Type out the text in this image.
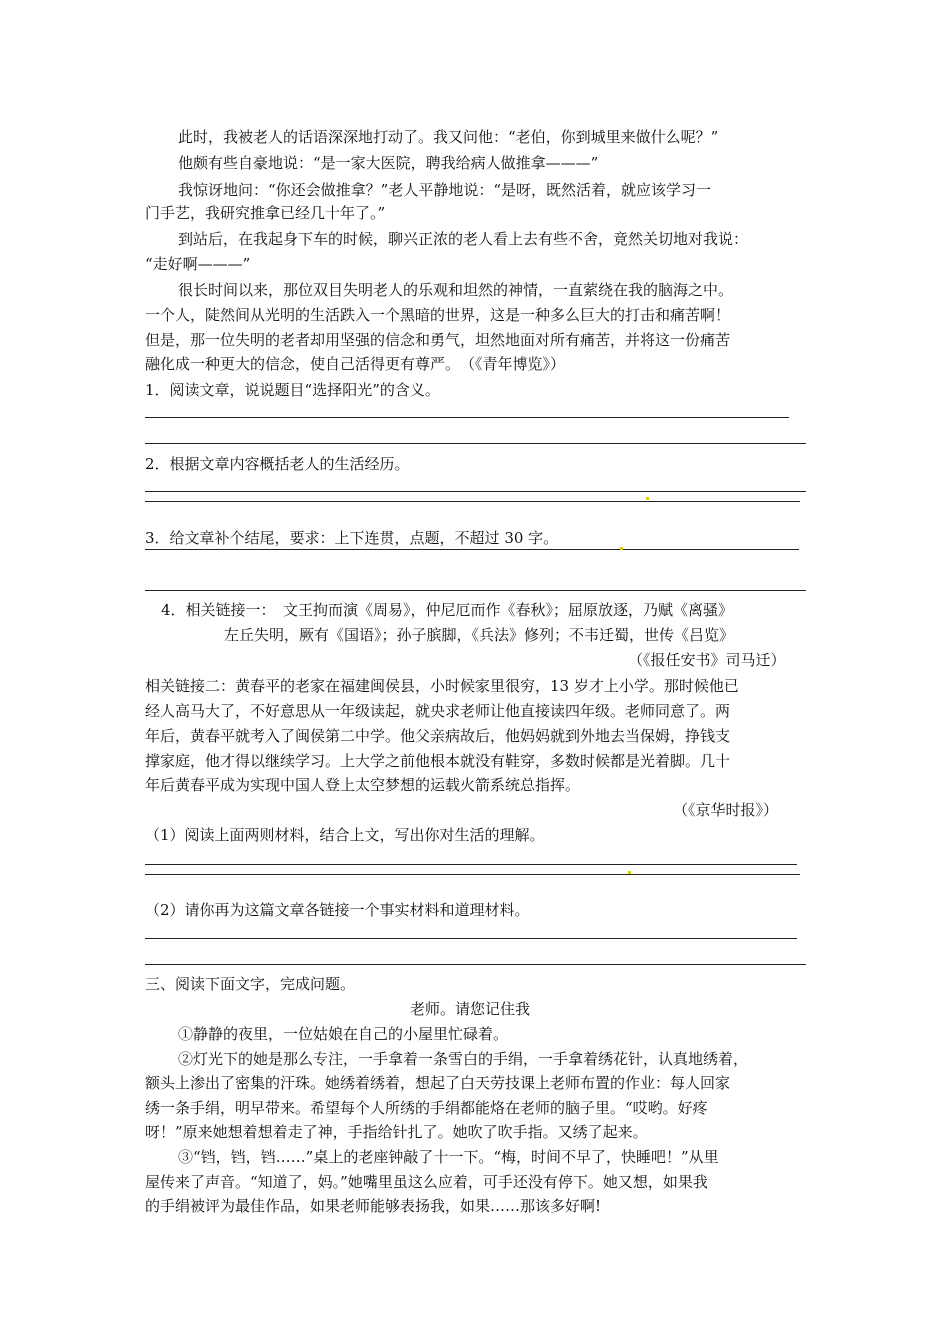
此时，我被老人的话语深深地打动了。我又问他：“老伯，你到城里来做什么呢？”
他颇有些自豪地说：“是一家大医院，聘我给病人做推拿———”
我惊讶地问：“你还会做推拿？”老人平静地说：“是呀，既然活着，就应该学习一
门手艺，我研究推拿已经几十年了。”
到站后，在我起身下车的时候，聊兴正浓的老人看上去有些不舍，竟然关切地对我说：
“走好啊———”
很长时间以来，那位双目失明老人的乐观和坦然的神情，一直萦绕在我的脑海之中。
一个人，陡然间从光明的生活跌入一个黑暗的世界，这是一种多么巨大的打击和痛苦啊！
但是，那一位失明的老者却用坚强的信念和勇气，坦然地面对所有痛苦，并将这一份痛苦
融化成一种更大的信念，使自己活得更有尊严。　（《青年博览》）
1．阅读文章，说说题目“选择阳光”的含义。
2．根据文章内容概括老人的生活经历。
3．给文章补个结尾，要求：上下连贯，点题，不超过 30 字。
4．相关链接一：　文王拘而演《周易》，仲尼厄而作《春秋》；屈原放逐，乃赋《离骚》
左丘失明，厥有《国语》；孙子膑脚，《兵法》修列；不韦迁蜀，世传《吕览》
（《报任安书》司马迁）
相关链接二：黄春平的老家在福建闽侯县，小时候家里很穷，13 岁才上小学。那时候他已
经人高马大了，不好意思从一年级读起，就央求老师让他直接读四年级。老师同意了。两
年后，黄春平就考入了闽侯第二中学。他父亲病故后，他妈妈就到外地去当保姆，挣钱支
撑家庭，他才得以继续学习。上大学之前他根本就没有鞋穿，多数时候都是光着脚。几十
年后黄春平成为实现中国人登上太空梦想的运载火箭系统总指挥。
（《京华时报》）
（1）阅读上面两则材料，结合上文，写出你对生活的理解。
（2）请你再为这篇文章各链接一个事实材料和道理材料。
三、阅读下面文字，完成问题。
老师。请您记住我
①静静的夜里，一位姑娘在自己的小屋里忙碌着。
②灯光下的她是那么专注，一手拿着一条雪白的手绢，一手拿着绣花针，认真地绣着，
额头上渗出了密集的汗珠。她绣着绣着，想起了白天劳技课上老师布置的作业：每人回家
绣一条手绢，明早带来。希望每个人所绣的手绢都能烙在老师的脑子里。“哎哟。好疼
呀！”原来她想着想着走了神，手指给针扎了。她吹了吹手指。又绣了起来。
③“铛，铛，铛……”桌上的老座钟敲了十一下。“梅，时间不早了，快睡吧！”从里
屋传来了声音。“知道了，妈。”她嘴里虽这么应着，可手还没有停下。她又想，如果我
的手绢被评为最佳作品，如果老师能够表扬我，如果……那该多好啊!
